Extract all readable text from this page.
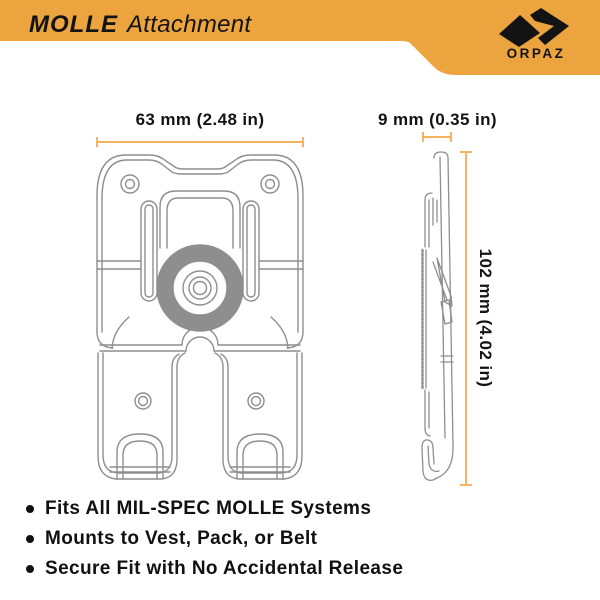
MOLLE Attachment
ORPAZ
63 mm (2.48 in)	9 mm (0.35 in)
102 mm (4.02 in)
Fits All MIL-SPEC MOLLE Systems
Mounts to Vest, Pack, or Belt
Secure Fit with No Accidental Release
